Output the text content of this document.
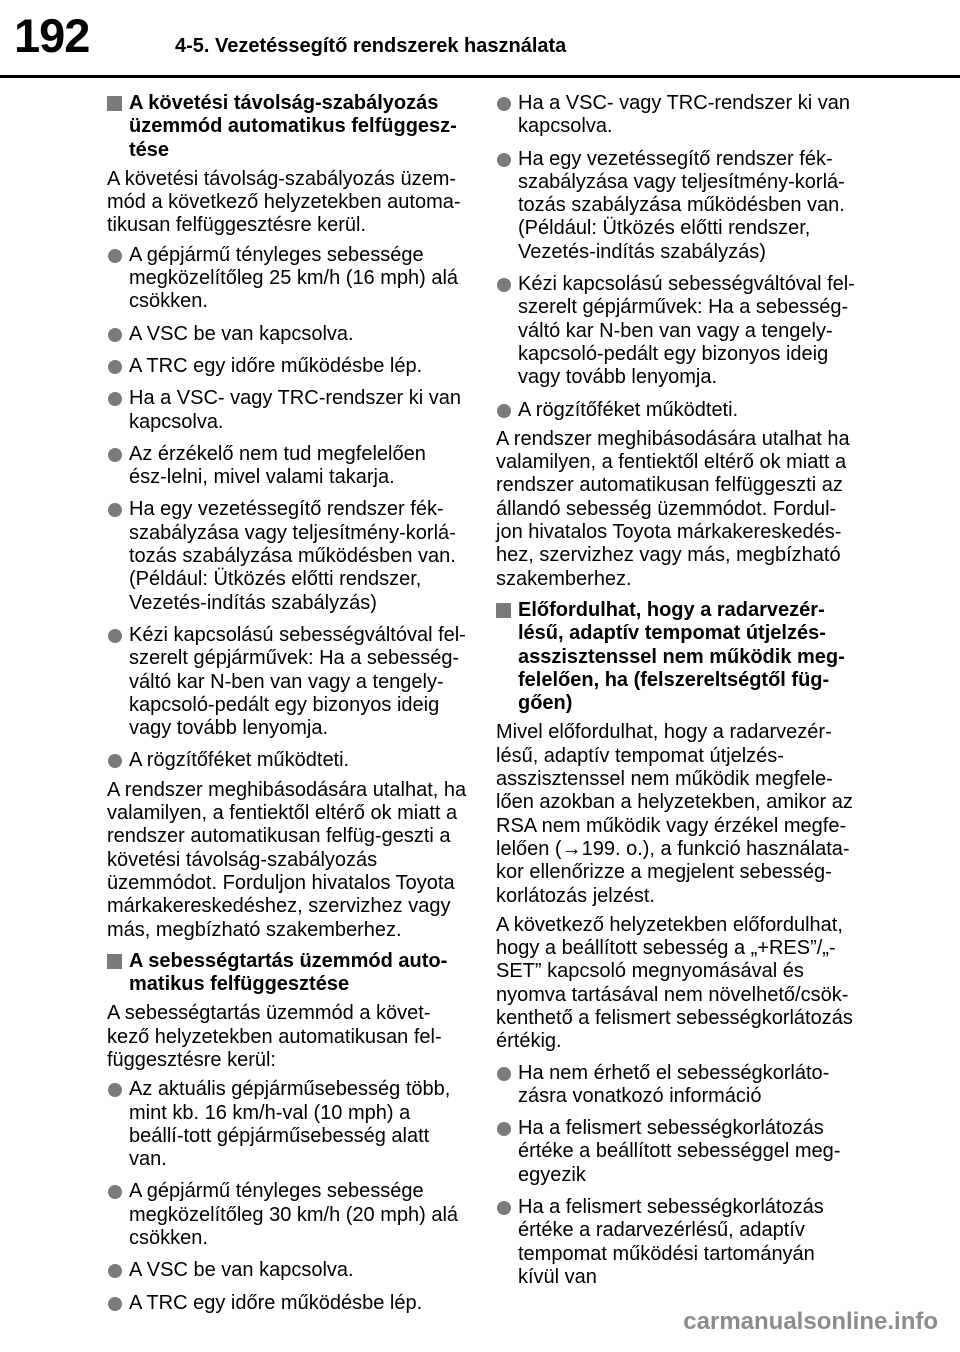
192	4-5. Vezetéssegítő rendszerek használata
A követési távolság-szabályozás üzemmód automatikus felfüggesz-tése
A követési távolság-szabályozás üzem-mód a következő helyzetekben automa-tikusan felfüggesztésre kerül.
A gépjármű tényleges sebessége megközelítőleg 25 km/h (16 mph) alá csökken.
A VSC be van kapcsolva.
A TRC egy időre működésbe lép.
Ha a VSC- vagy TRC-rendszer ki van kapcsolva.
Az érzékelő nem tud megfelelően ész-lelni, mivel valami takarja.
Ha egy vezetéssegítő rendszer fék-szabályzása vagy teljesítmény-korlá-tozás szabályzása működésben van. (Például: Ütközés előtti rendszer, Vezetés-indítás szabályzás)
Kézi kapcsolású sebességváltóval fel-szerelt gépjárművek: Ha a sebesség-váltó kar N-ben van vagy a tengely-kapcsoló-pedált egy bizonyos ideig vagy tovább lenyomja.
A rögzítőféket működteti.
A rendszer meghibásodására utalhat, ha valamilyen, a fentiektől eltérő ok miatt a rendszer automatikusan felfüg-geszti a követési távolság-szabályozás üzemmódot. Forduljon hivatalos Toyota márkakereskedéshez, szervizhez vagy más, megbízható szakemberhez.
A sebességtartás üzemmód auto-matikus felfüggesztése
A sebességtartás üzemmód a követ-kező helyzetekben automatikusan fel-függesztésre kerül:
Az aktuális gépjárműsebesség több, mint kb. 16 km/h-val (10 mph) a beállí-tott gépjárműsebesség alatt van.
A gépjármű tényleges sebessége megközelítőleg 30 km/h (20 mph) alá csökken.
A VSC be van kapcsolva.
A TRC egy időre működésbe lép.
Ha a VSC- vagy TRC-rendszer ki van kapcsolva.
Ha egy vezetéssegítő rendszer fék-szabályzása vagy teljesítmény-korlá-tozás szabályzása működésben van. (Például: Ütközés előtti rendszer, Vezetés-indítás szabályzás)
Kézi kapcsolású sebességváltóval fel-szerelt gépjárművek: Ha a sebesség-váltó kar N-ben van vagy a tengely-kapcsoló-pedált egy bizonyos ideig vagy tovább lenyomja.
A rögzítőféket működteti.
A rendszer meghibásodására utalhat ha valamilyen, a fentiektől eltérő ok miatt a rendszer automatikusan felfüggeszti az állandó sebesség üzemmódot. Fordul-jon hivatalos Toyota márkakereskedés-hez, szervizhez vagy más, megbízható szakemberhez.
Előfordulhat, hogy a radarvezér-lésű, adaptív tempomat útjelzés-asszisztenssel nem működik meg-felelően, ha (felszereltségtől füg-gően)
Mivel előfordulhat, hogy a radarvezér-lésű, adaptív tempomat útjelzés-asszisztenssel nem működik megfele-lően azokban a helyzetekben, amikor az RSA nem működik vagy érzékel megfe-lelően (→199. o.), a funkció használata-kor ellenőrizze a megjelent sebesség-korlátozás jelzést.
A következő helyzetekben előfordulhat, hogy a beállított sebesség a „+RES”/„-SET” kapcsoló megnyomásával és nyomva tartásával nem növelhető/csök-kenthető a felismert sebességkorlátozás értékig.
Ha nem érhető el sebességkorláto-zásra vonatkozó információ
Ha a felismert sebességkorlátozás értéke a beállított sebességgel meg-egyezik
Ha a felismert sebességkorlátozás értéke a radarvezérlésű, adaptív tempomat működési tartományán kívül van
carmanualsonline.info
